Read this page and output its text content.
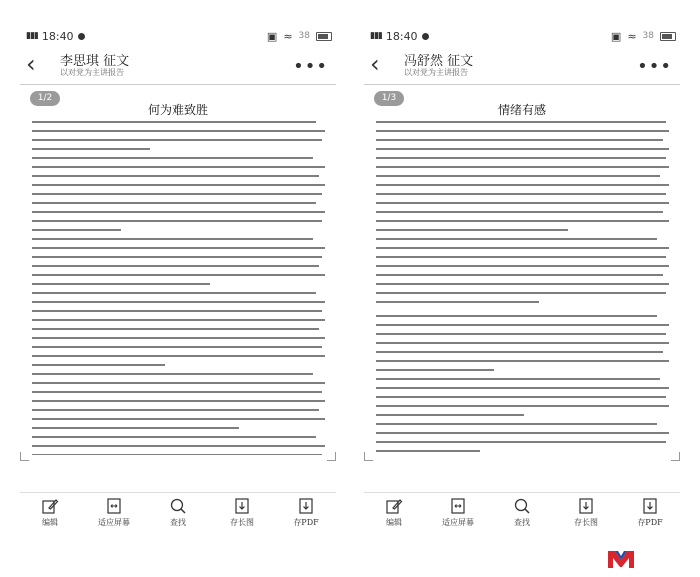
▮▮▮ 18:40	▣ ≈ 38
‹ 李思琪 征文
以对党为主讲报告	•••
1/2
何为难致胜
编辑	适应屏幕	查找	存长图	存PDF
▮▮▮ 18:40	▣ ≈ 38
‹ 冯舒然 征文
以对党为主讲报告	•••
1/3
情绪有感
编辑	适应屏幕	查找	存长图	存PDF
